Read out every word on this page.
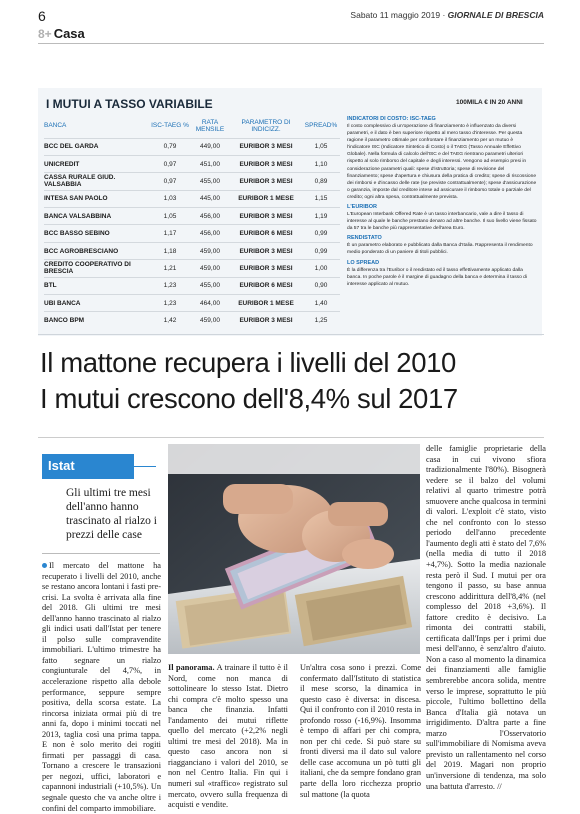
6	Sabato 11 maggio 2019 · GIORNALE DI BRESCIA
8+ Casa
I MUTUI A TASSO VARIABILE	100MILA € IN 20 ANNI
BANCA	ISC-TAEG %	RATA MENSILE	PARAMETRO DI INDICIZZ.	SPREAD%
BCC DEL GARDA	0,79	449,00	EURIBOR 3 MESI	1,05
UNICREDIT	0,97	451,00	EURIBOR 3 MESI	1,10
CASSA RURALE GIUD. VALSABBIA	0,97	455,00	EURIBOR 3 MESI	0,89
INTESA SAN PAOLO	1,03	445,00	EURIBOR 1 MESE	1,15
BANCA VALSABBINA	1,05	456,00	EURIBOR 3 MESI	1,19
BCC BASSO SEBINO	1,17	456,00	EURIBOR 6 MESI	0,99
BCC AGROBRESCIANO	1,18	459,00	EURIBOR 3 MESI	0,99
CREDITO COOPERATIVO DI BRESCIA	1,21	459,00	EURIBOR 3 MESI	1,00
BTL	1,23	455,00	EURIBOR 6 MESI	0,90
UBI BANCA	1,23	464,00	EURIBOR 1 MESE	1,40
BANCO BPM	1,42	459,00	EURIBOR 3 MESI	1,25
INDICATORI DI COSTO: ISC-TAEG

Il costo complessivo di un'operazione di finanziamento è influenzato da diversi parametri, e il dato è ben superiore rispetto al mero tasso d'interesse. Per questa ragione il parametro ottimale per confrontare il finanziamento per un mutuo è l'indicatore ISC (Indicatore Sintetico di Costo) o il TAEG (Tasso Annuale Effettivo Globale). Nella formula di calcolo dell'ISC e del TAEG rientrano parametri ulteriori rispetto al solo rimborso del capitale e degli interessi. Vengono ad esempio presi in considerazione parametri quali: spese d'istruttoria; spese di revisione del finanziamento; spese d'apertura e chiusura della pratica di credito; spese di riscossione dei rimborsi e d'incasso delle rate (se previste contrattualmente); spese d'assicurazione o garanzia, imposte dal creditore intese ad assicurare il rimborso totale o parziale del credito; ogni altra spesa, contrattualmente prevista.

L'EURIBOR

L'European Interbank Offered Rate è un tasso interbancario, vale a dire il tasso di interesse al quale le banche prestano denaro ad altre banche. Il suo livello viene fissato da 57 tra le banche più rappresentative dell'area Euro.

RENDISTATO

È un parametro elaborato e pubblicato dalla Banca d'Italia. Rappresenta il rendimento medio ponderato di un paniere di titoli pubblici.

LO SPREAD

È la differenza tra l'Euribor o il rendistato ed il tasso effettivamente applicato dalla banca. In poche parole è il margine di guadagno della banca e determina il tasso di interesse applicato al mutuo.

Il mattone recupera i livelli del 2010
I mutui crescono dell'8,4% sul 2017
Istat
Gli ultimi tre mesi dell'anno hanno trascinato al rialzo i prezzi delle case
Il mercato del mattone ha recuperato i livelli del 2010, anche se restano ancora lontani i fasti pre-crisi. La svolta è arrivata alla fine del 2018. Gli ultimi tre mesi dell'anno hanno trascinato al rialzo gli indici usati dall'Istat per tenere il polso sulle compravendite immobiliari. L'ultimo trimestre ha fatto segnare un rialzo congiunturale del 4,7%, in accelerazione rispetto alla debole performance, seppure sempre positiva, della scorsa estate. La rincorsa iniziata ormai più di tre anni fa, dopo i minimi toccati nel 2013, taglia così una prima tappa. E non è solo merito dei rogiti firmati per passaggi di casa. Tornano a crescere le transazioni per negozi, uffici, laboratori e capannoni industriali (+10,5%). Un segnale questo che va anche oltre i confini del comparto immobiliare.
Il panorama. A trainare il tutto è il Nord, come non manca di sottolineare lo stesso Istat. Dietro chi compra c'è molto spesso una banca che finanzia. Infatti l'andamento dei mutui riflette quello del mercato (+2,2% negli ultimi tre mesi del 2018). Ma in questo caso ancora non si riagganciano i valori del 2010, se non nel Centro Italia. Fin qui i numeri sul «traffico» registrato sul mercato, ovvero sulla frequenza di acquisti e vendite.
Un'altra cosa sono i prezzi. Come confermato dall'Istituto di statistica il mese scorso, la dinamica in questo caso è diversa: in discesa. Qui il confronto con il 2010 resta in profondo rosso (-16,9%). Insomma è tempo di affari per chi compra, non per chi cede. Si può stare su fronti diversi ma il dato sul valore delle case accomuna un pò tutti gli italiani, che da sempre fondano gran parte della loro ricchezza proprio sul mattone (la quota
delle famiglie proprietarie della casa in cui vivono sfiora tradizionalmente l'80%). Bisognerà vedere se il balzo del volumi relativi al quarto trimestre potrà smuovere anche qualcosa in termini di valori. L'exploit c'è stato, visto che nel confronto con lo stesso periodo dell'anno precedente l'aumento degli atti è stato del 7,6% (nella media di tutto il 2018 +4,7%). Sotto la media nazionale resta però il Sud. I mutui per ora tengono il passo, su base annua crescono addirittura dell'8,4% (nel complesso del 2018 +3,6%). Il fattore credito è decisivo. La rimonta dei contratti stabili, certificata dall'Inps per i primi due mesi dell'anno, è senz'altro d'aiuto. Non a caso al momento la dinamica dei finanziamenti alle famiglie sembrerebbe ancora solida, mentre verso le imprese, soprattutto le più piccole, l'ultimo bollettino della Banca d'Italia già notava un irrigidimento. D'altra parte a fine marzo l'Osservatorio sull'immobiliare di Nomisma aveva previsto un rallentamento nel corso del 2019. Magari non proprio un'inversione di tendenza, ma solo una battuta d'arresto. //
